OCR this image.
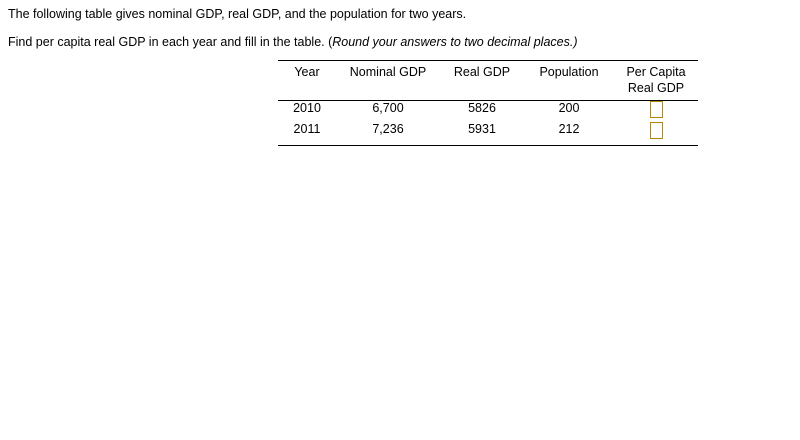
The following table gives nominal GDP, real GDP, and the population for two years.
Find per capita real GDP in each year and fill in the table. (Round your answers to two decimal places.)
Year	Nominal GDP	Real GDP	Population	Per Capita
				Real GDP
2010	6,700	5826	200	
2011	7,236	5931	212	
